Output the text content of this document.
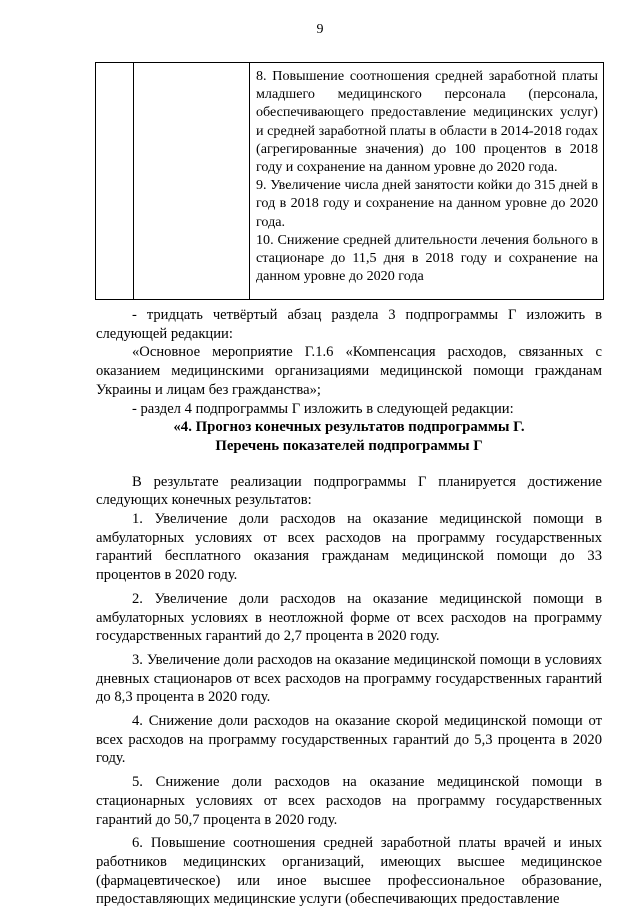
9

8. Повышение соотношения средней заработной платы младшего медицинского персонала (персонала, обеспечивающего предоставление медицинских услуг) и средней заработной платы в области в 2014-2018 годах (агрегированные значения) до 100 процентов в 2018 году и сохранение на данном уровне до 2020 года.

9. Увеличение числа дней занятости койки до 315 дней в год в 2018 году и сохранение на данном уровне до 2020 года.

10. Снижение средней длительности лечения больного в стационаре до 11,5 дня в 2018 году и сохранение на данном уровне до 2020 года

- тридцать четвёртый абзац раздела 3 подпрограммы Г изложить в следующей редакции:

«Основное мероприятие Г.1.6 «Компенсация расходов, связанных с оказанием медицинскими организациями медицинской помощи гражданам Украины и лицам без гражданства»;

- раздел 4 подпрограммы Г изложить в следующей редакции:

«4. Прогноз конечных результатов подпрограммы Г.

Перечень показателей подпрограммы Г

В результате реализации подпрограммы Г планируется достижение следующих конечных результатов:

1. Увеличение доли расходов на оказание медицинской помощи в амбулаторных условиях от всех расходов на программу государственных гарантий бесплатного оказания гражданам медицинской помощи до 33 процентов в 2020 году.

2. Увеличение доли расходов на оказание медицинской помощи в амбулаторных условиях в неотложной форме от всех расходов на программу государственных гарантий до 2,7 процента в 2020 году.

3. Увеличение доли расходов на оказание медицинской помощи в условиях дневных стационаров от всех расходов на программу государственных гарантий до 8,3 процента в 2020 году.

4. Снижение доли расходов на оказание скорой медицинской помощи от всех расходов на программу государственных гарантий до 5,3 процента в 2020 году.

5. Снижение доли расходов на оказание медицинской помощи в стационарных условиях от всех расходов на программу государственных гарантий до 50,7 процента в 2020 году.

6. Повышение соотношения средней заработной платы врачей и иных работников медицинских организаций, имеющих высшее медицинское (фармацевтическое) или иное высшее профессиональное образование, предоставляющих медицинские услуги (обеспечивающих предоставление
